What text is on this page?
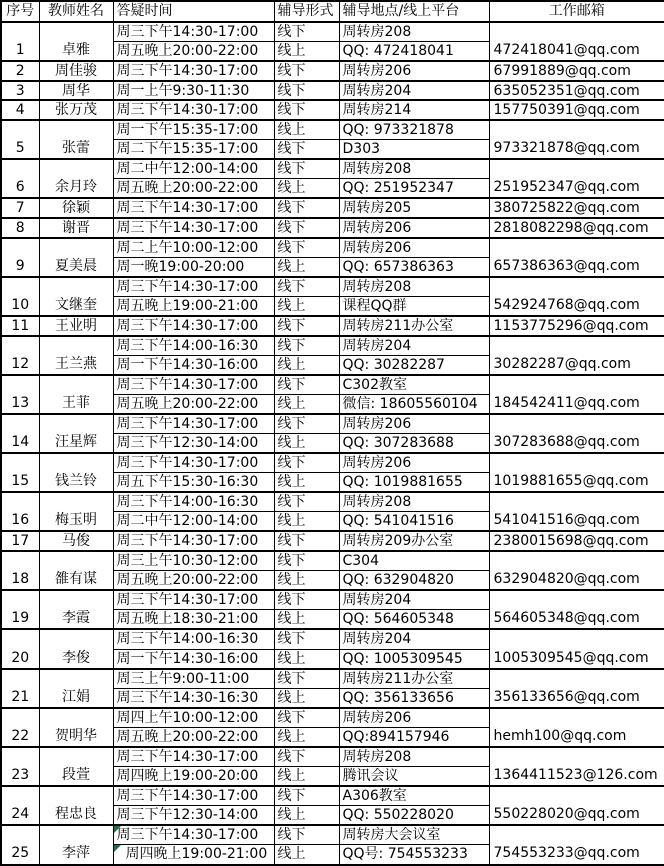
序号	教师姓名	答疑时间	辅导形式	辅导地点/线上平台	工作邮箱
1	卓雅	周三下午14:30-17:00	线下	周转房208	472418041@qq.com
		周五晚上20:00-22:00	线上	QQ: 472418041	
2	周佳骏	周三下午14:30-17:00	线下	周转房206	67991889@qq.com
3	周华	周一上午9:30-11:30	线下	周转房204	635052351@qq.com
4	张万茂	周三下午14:30-17:00	线下	周转房214	157750391@qq.com
5	张蕾	周一下午15:35-17:00	线上	QQ: 973321878	973321878@qq.com
		周二下午15:35-17:00	线下	D303	
6	余月玲	周二中午12:00-14:00	线下	周转房208	251952347@qq.com
		周五晚上20:00-22:00	线上	QQ: 251952347	
7	徐颖	周三下午14:30-17:00	线下	周转房205	380725822@qq.com
8	谢晋	周三下午14:30-17:00	线下	周转房206	2818082298@qq.com
9	夏美晨	周二上午10:00-12:00	线下	周转房206	657386363@qq.com
		周一晚19:00-20:00	线上	QQ: 657386363	
10	文继奎	周三下午14:30-17:00	线下	周转房208	542924768@qq.com
		周五晚上19:00-21:00	线上	课程QQ群	
11	王业明	周三下午14:30-17:00	线下	周转房211办公室	1153775296@qq.com
12	王兰燕	周三下午14:00-16:30	线下	周转房204	30282287@qq.com
		周一下午14:30-16:00	线上	QQ: 30282287	
13	王菲	周三下午14:30-17:00	线下	C302教室	184542411@qq.com
		周五晚上20:00-22:00	线上	微信: 18605560104	
14	汪星辉	周三下午14:30-17:00	线下	周转房206	307283688@qq.com
		周三下午12:30-14:00	线上	QQ: 307283688	
15	钱兰铃	周三下午14:30-17:00	线下	周转房206	1019881655@qq.com
		周五下午15:30-16:30	线上	QQ: 1019881655	
16	梅玉明	周三下午14:00-16:30	线下	周转房208	541041516@qq.com
		周二中午12:00-14:00	线上	QQ: 541041516	
17	马俊	周三下午14:30-17:00	线下	周转房209办公室	2380015698@qq.com
18	雒有谋	周三上午10:30-12:00	线下	C304	632904820@qq.com
		周五晚上20:00-22:00	线上	QQ: 632904820	
19	李霞	周三下午14:30-17:00	线下	周转房204	564605348@qq.com
		周五晚上18:30-21:00	线上	QQ: 564605348	
20	李俊	周三下午14:00-16:30	线下	周转房204	1005309545@qq.com
		周一下午14:30-16:00	线上	QQ: 1005309545	
21	江娟	周三上午9:00-11:00	线下	周转房211办公室	356133656@qq.com
		周三下午14:30-16:30	线上	QQ: 356133656	
22	贺明华	周四上午10:00-12:00	线下	周转房206	hemh100@qq.com
		周五晚上20:00-22:00	线上	QQ:894157946	
23	段萱	周三下午14:30-17:00	线下	周转房208	1364411523@126.com
		周四晚上19:00-20:00	线上	腾讯会议	
24	程忠良	周三下午14:30-17:00	线下	A306教室	550228020@qq.com
		周三下午12:30-14:00	线上	QQ: 550228020	
25	李萍	周三下午14:30-17:00	线下	周转房大会议室	754553233@qq.com
		周四晚上19:00-21:00	线上	QQ号: 754553233	
